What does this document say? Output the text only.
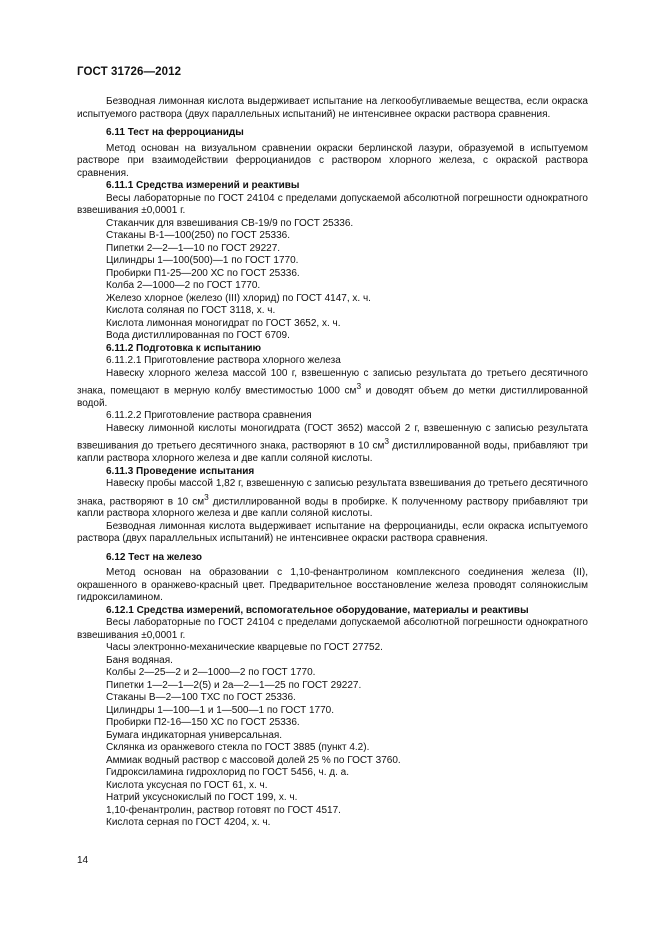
ГОСТ 31726—2012

Безводная лимонная кислота выдерживает испытание на легкообугливаемые вещества, если окраска испытуемого раствора (двух параллельных испытаний) не интенсивнее окраски раствора сравнения.

6.11 Тест на ферроцианиды

Метод основан на визуальном сравнении окраски берлинской лазури, образуемой в испытуемом растворе при взаимодействии ферроцианидов с раствором хлорного железа, с окраской раствора сравнения.

6.11.1 Средства измерений и реактивы

Весы лабораторные по ГОСТ 24104 с пределами допускаемой абсолютной погрешности однократного взвешивания ±0,0001 г.

Стаканчик для взвешивания СВ-19/9 по ГОСТ 25336.

Стаканы В-1—100(250) по ГОСТ 25336.

Пипетки 2—2—1—10 по ГОСТ 29227.

Цилиндры 1—100(500)—1 по ГОСТ 1770.

Пробирки П1-25—200 ХС по ГОСТ 25336.

Колба 2—1000—2 по ГОСТ 1770.

Железо хлорное (железо (III) хлорид) по ГОСТ 4147, х. ч.

Кислота соляная по ГОСТ 3118, х. ч.

Кислота лимонная моногидрат по ГОСТ 3652, х. ч.

Вода дистиллированная по ГОСТ 6709.

6.11.2 Подготовка к испытанию

6.11.2.1 Приготовление раствора хлорного железа

Навеску хлорного железа массой 100 г, взвешенную с записью результата до третьего десятичного знака, помещают в мерную колбу вместимостью 1000 $см^3$ и доводят объем до метки дистиллированной водой.

6.11.2.2 Приготовление раствора сравнения

Навеску лимонной кислоты моногидрата (ГОСТ 3652) массой 2 г, взвешенную с записью результата взвешивания до третьего десятичного знака, растворяют в 10 $см^3$ дистиллированной воды, прибавляют три капли раствора хлорного железа и две капли соляной кислоты.

6.11.3 Проведение испытания

Навеску пробы массой 1,82 г, взвешенную с записью результата взвешивания до третьего десятичного знака, растворяют в 10 $см^3$ дистиллированной воды в пробирке. К полученному раствору прибавляют три капли раствора хлорного железа и две капли соляной кислоты.

Безводная лимонная кислота выдерживает испытание на ферроцианиды, если окраска испытуемого раствора (двух параллельных испытаний) не интенсивнее окраски раствора сравнения.

6.12 Тест на железо

Метод основан на образовании с 1,10-фенантролином комплексного соединения железа (II), окрашенного в оранжево-красный цвет. Предварительное восстановление железа проводят солянокислым гидроксиламином.

6.12.1 Средства измерений, вспомогательное оборудование, материалы и реактивы

Весы лабораторные по ГОСТ 24104 с пределами допускаемой абсолютной погрешности однократного взвешивания ±0,0001 г.

Часы электронно-механические кварцевые по ГОСТ 27752.

Баня водяная.

Колбы 2—25—2 и 2—1000—2 по ГОСТ 1770.

Пипетки 1—2—1—2(5) и 2а—2—1—25 по ГОСТ 29227.

Стаканы В—2—100 ТХС по ГОСТ 25336.

Цилиндры 1—100—1 и 1—500—1 по ГОСТ 1770.

Пробирки П2-16—150 ХС по ГОСТ 25336.

Бумага индикаторная универсальная.

Склянка из оранжевого стекла по ГОСТ 3885 (пункт 4.2).

Аммиак водный раствор с массовой долей 25 % по ГОСТ 3760.

Гидроксиламина гидрохлорид по ГОСТ 5456, ч. д. а.

Кислота уксусная по ГОСТ 61, х. ч.

Натрий уксуснокислый по ГОСТ 199, х. ч.

1,10-фенантролин, раствор готовят по ГОСТ 4517.

Кислота серная по ГОСТ 4204, х. ч.

14
